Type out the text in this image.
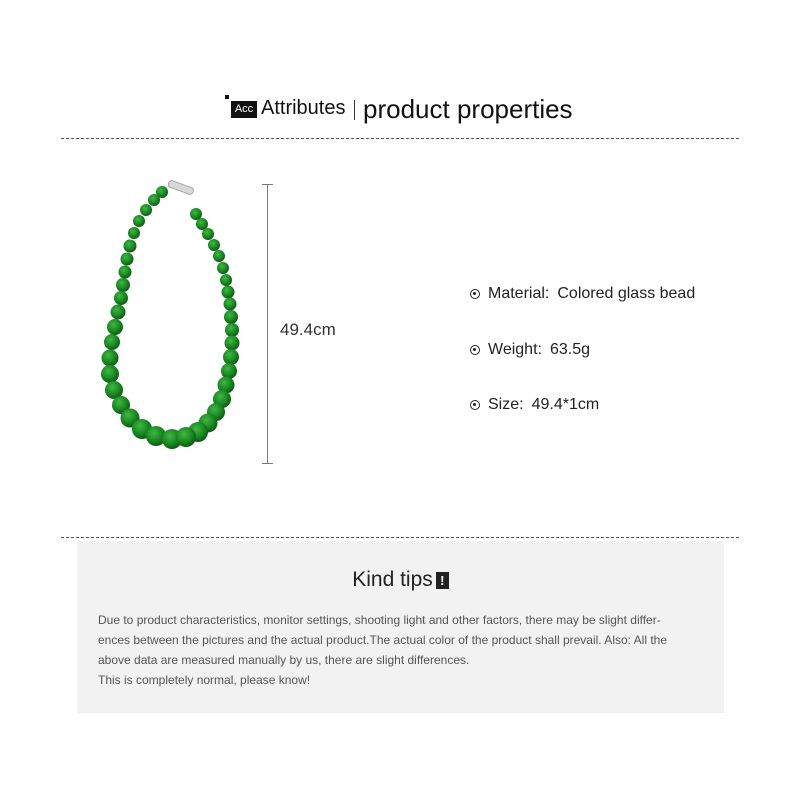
Acc Attributes product properties
49.4cm
Material: Colored glass bead
Weight: 63.5g
Size: 49.4*1cm
Kind tips !

Due to product characteristics, monitor settings, shooting light and other factors, there may be slight differ-

ences between the pictures and the actual product.The actual color of the product shall prevail. Also: All the

above data are measured manually by us, there are slight differences.

This is completely normal, please know!
